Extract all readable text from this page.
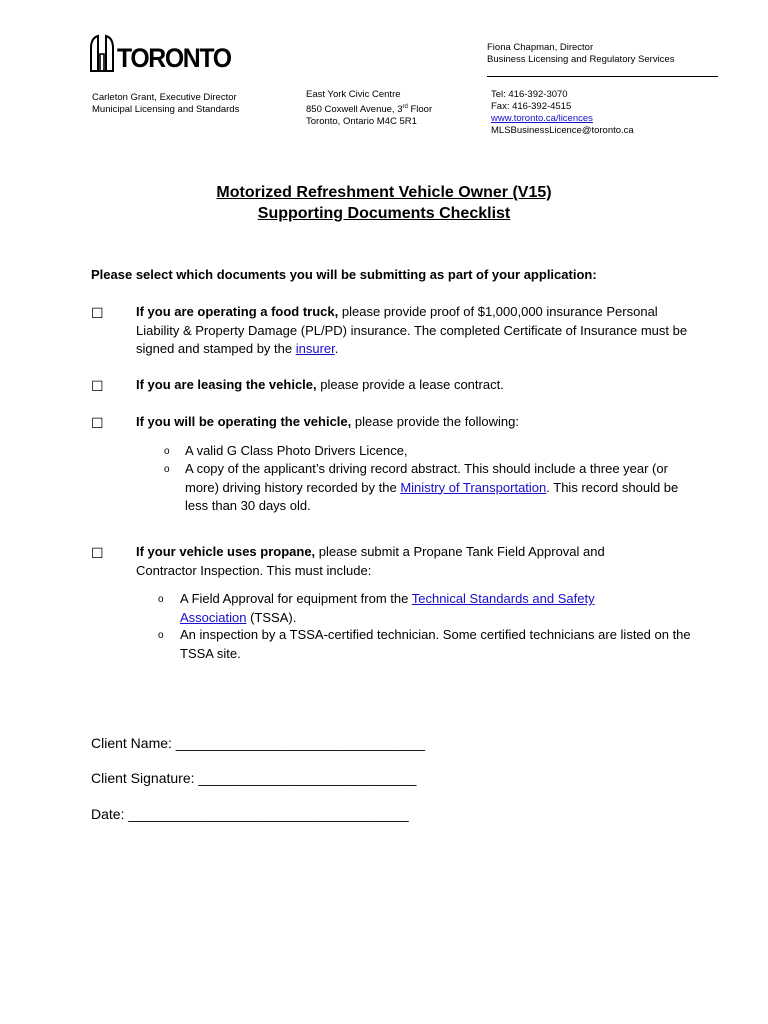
TORONTO	Fiona Chapman, Director
Business Licensing and Regulatory Services
Carleton Grant, Executive Director
Municipal Licensing and Standards
East York Civic Centre
850 Coxwell Avenue, 3rd Floor
Toronto, Ontario M4C 5R1
Tel: 416-392-3070
Fax: 416-392-4515
www.toronto.ca/licences
MLSBusinessLicence@toronto.ca
Motorized Refreshment Vehicle Owner (V15)
Supporting Documents Checklist
Please select which documents you will be submitting as part of your application:
☐ If you are operating a food truck, please provide proof of $1,000,000 insurance Personal Liability & Property Damage (PL/PD) insurance. The completed Certificate of Insurance must be signed and stamped by the insurer.
☐ If you are leasing the vehicle, please provide a lease contract.
☐ If you will be operating the vehicle, please provide the following:
o A valid G Class Photo Drivers Licence,
o A copy of the applicant’s driving record abstract. This should include a three year (or more) driving history recorded by the Ministry of Transportation. This record should be less than 30 days old.
☐ If your vehicle uses propane, please submit a Propane Tank Field Approval and Contractor Inspection. This must include:
o A Field Approval for equipment from the Technical Standards and Safety Association (TSSA).
o An inspection by a TSSA-certified technician. Some certified technicians are listed on the TSSA site.
Client Name: ________________________________
Client Signature: ____________________________
Date: ____________________________________
